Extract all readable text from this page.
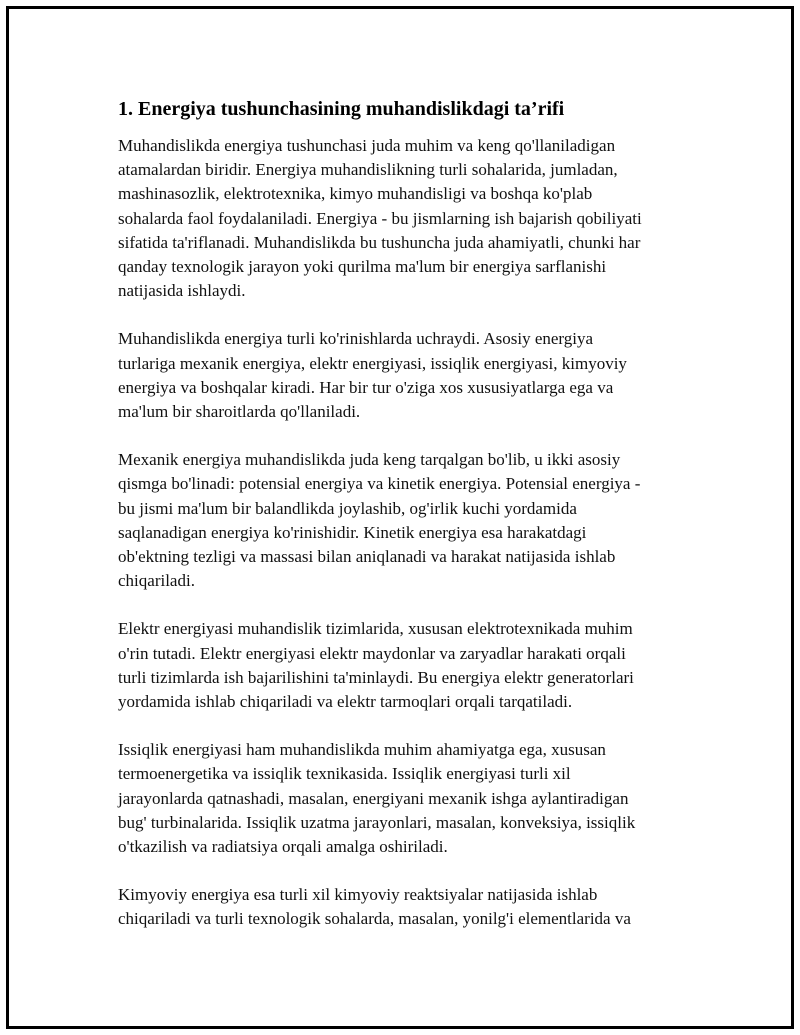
1. Energiya tushunchasining muhandislikdagi ta’rifi
Muhandislikda energiya tushunchasi juda muhim va keng qo'llaniladigan
atamalardan biridir. Energiya muhandislikning turli sohalarida, jumladan,
mashinasozlik, elektrotexnika, kimyo muhandisligi va boshqa ko'plab
sohalarda faol foydalaniladi. Energiya - bu jismlarning ish bajarish qobiliyati
sifatida ta'riflanadi. Muhandislikda bu tushuncha juda ahamiyatli, chunki har
qanday texnologik jarayon yoki qurilma ma'lum bir energiya sarflanishi
natijasida ishlaydi.
Muhandislikda energiya turli ko'rinishlarda uchraydi. Asosiy energiya
turlariga mexanik energiya, elektr energiyasi, issiqlik energiyasi, kimyoviy
energiya va boshqalar kiradi. Har bir tur o'ziga xos xususiyatlarga ega va
ma'lum bir sharoitlarda qo'llaniladi.
Mexanik energiya muhandislikda juda keng tarqalgan bo'lib, u ikki asosiy
qismga bo'linadi: potensial energiya va kinetik energiya. Potensial energiya -
bu jismi ma'lum bir balandlikda joylashib, og'irlik kuchi yordamida
saqlanadigan energiya ko'rinishidir. Kinetik energiya esa harakatdagi
ob'ektning tezligi va massasi bilan aniqlanadi va harakat natijasida ishlab
chiqariladi.
Elektr energiyasi muhandislik tizimlarida, xususan elektrotexnikada muhim
o'rin tutadi. Elektr energiyasi elektr maydonlar va zaryadlar harakati orqali
turli tizimlarda ish bajarilishini ta'minlaydi. Bu energiya elektr generatorlari
yordamida ishlab chiqariladi va elektr tarmoqlari orqali tarqatiladi.
Issiqlik energiyasi ham muhandislikda muhim ahamiyatga ega, xususan
termoenergetika va issiqlik texnikasida. Issiqlik energiyasi turli xil
jarayonlarda qatnashadi, masalan, energiyani mexanik ishga aylantiradigan
bug' turbinalarida. Issiqlik uzatma jarayonlari, masalan, konveksiya, issiqlik
o'tkazilish va radiatsiya orqali amalga oshiriladi.
Kimyoviy energiya esa turli xil kimyoviy reaktsiyalar natijasida ishlab
chiqariladi va turli texnologik sohalarda, masalan, yonilg'i elementlarida va
